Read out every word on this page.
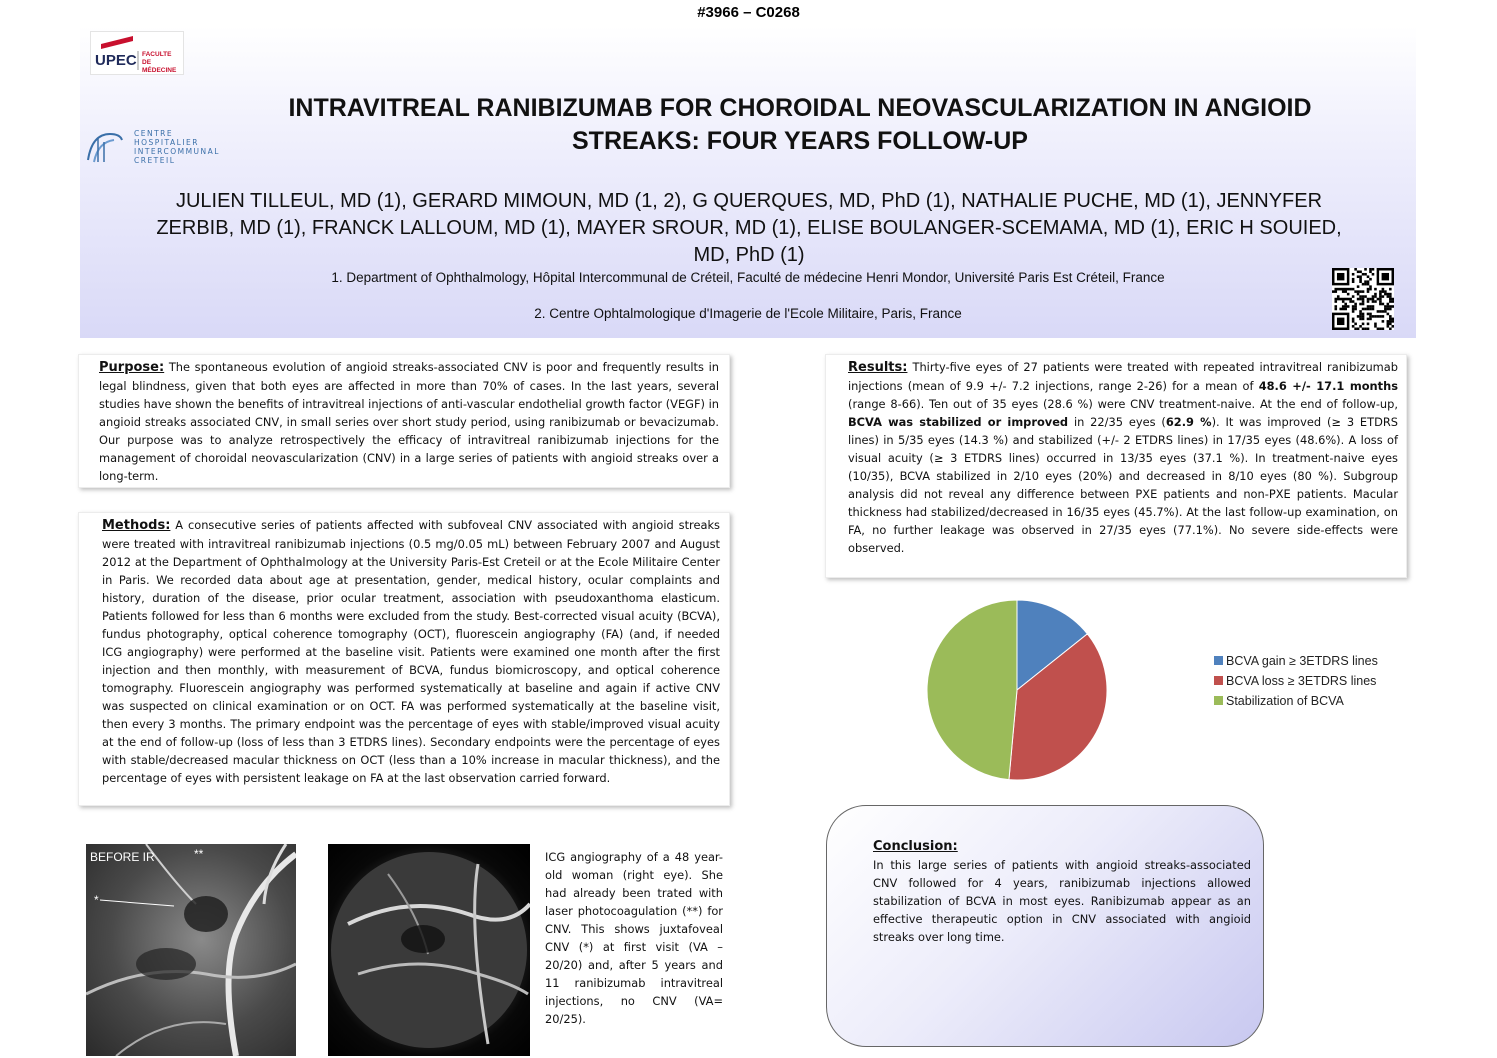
#3966 – C0268
UPEC FACULTE DE MÉDECINE
CENTRE
HOSPITALIER
INTERCOMMUNAL
CRETEIL
INTRAVITREAL RANIBIZUMAB FOR CHOROIDAL NEOVASCULARIZATION IN ANGIOID
STREAKS: FOUR YEARS FOLLOW-UP
JULIEN TILLEUL, MD (1), GERARD MIMOUN, MD (1, 2), G QUERQUES, MD, PhD (1), NATHALIE PUCHE, MD (1), JENNYFER
ZERBIB, MD (1), FRANCK LALLOUM, MD (1), MAYER SROUR, MD (1), ELISE BOULANGER-SCEMAMA, MD (1), ERIC H SOUIED,
MD, PhD (1)
1. Department of Ophthalmology, Hôpital Intercommunal de Créteil, Faculté de médecine Henri Mondor, Université Paris Est Créteil, France
2. Centre Ophtalmologique d'Imagerie de l'Ecole Militaire, Paris, France
Purpose: The spontaneous evolution of angioid streaks-associated CNV is poor and frequently results in legal blindness, given that both eyes are affected in more than 70% of cases. In the last years, several studies have shown the benefits of intravitreal injections of anti-vascular endothelial growth factor (VEGF) in angioid streaks associated CNV, in small series over short study period, using ranibizumab or bevacizumab. Our purpose was to analyze retrospectively the efficacy of intravitreal ranibizumab injections for the management of choroidal neovascularization (CNV) in a large series of patients with angioid streaks over a long-term.
Methods: A consecutive series of patients affected with subfoveal CNV associated with angioid streaks were treated with intravitreal ranibizumab injections (0.5 mg/0.05 mL) between February 2007 and August 2012 at the Department of Ophthalmology at the University Paris-Est Creteil or at the Ecole Militaire Center in Paris. We recorded data about age at presentation, gender, medical history, ocular complaints and history, duration of the disease, prior ocular treatment, association with pseudoxanthoma elasticum. Patients followed for less than 6 months were excluded from the study. Best-corrected visual acuity (BCVA), fundus photography, optical coherence tomography (OCT), fluorescein angiography (FA) (and, if needed ICG angiography) were performed at the baseline visit. Patients were examined one month after the first injection and then monthly, with measurement of BCVA, fundus biomicroscopy, and optical coherence tomography. Fluorescein angiography was performed systematically at baseline and again if active CNV was suspected on clinical examination or on OCT. FA was performed systematically at the baseline visit, then every 3 months. The primary endpoint was the percentage of eyes with stable/improved visual acuity at the end of follow-up (loss of less than 3 ETDRS lines). Secondary endpoints were the percentage of eyes with stable/decreased macular thickness on OCT (less than a 10% increase in macular thickness), and the percentage of eyes with persistent leakage on FA at the last observation carried forward.
Results: Thirty-five eyes of 27 patients were treated with repeated intravitreal ranibizumab injections (mean of 9.9 +/- 7.2 injections, range 2-26) for a mean of 48.6 +/- 17.1 months (range 8-66). Ten out of 35 eyes (28.6 %) were CNV treatment-naive. At the end of follow-up, BCVA was stabilized or improved in 22/35 eyes (62.9 %). It was improved (≥ 3 ETDRS lines) in 5/35 eyes (14.3 %) and stabilized (+/- 2 ETDRS lines) in 17/35 eyes (48.6%). A loss of visual acuity (≥ 3 ETDRS lines) occurred in 13/35 eyes (37.1 %). In treatment-naive eyes (10/35), BCVA stabilized in 2/10 eyes (20%) and decreased in 8/10 eyes (80 %). Subgroup analysis did not reveal any difference between PXE patients and non-PXE patients. Macular thickness had stabilized/decreased in 16/35 eyes (45.7%). At the last follow-up examination, on FA, no further leakage was observed in 27/35 eyes (77.1%). No severe side-effects were observed.
BCVA gain ≥ 3ETDRS lines
BCVA loss ≥ 3ETDRS lines
Stabilization of BCVA
Conclusion:
In this large series of patients with angioid streaks-associated CNV followed for 4 years, ranibizumab injections allowed stabilization of BCVA in most eyes. Ranibizumab appear as an effective therapeutic option in CNV associated with angioid streaks over long time.
*
**
BEFORE IR	ICG angiography of a 48 year-old woman (right eye). She had already been trated with laser photocoagulation (**) for CNV. This shows juxtafoveal CNV (*) at first visit (VA – 20/20) and, after 5 years and 11 ranibizumab intravitreal injections, no CNV (VA= 20/25).
